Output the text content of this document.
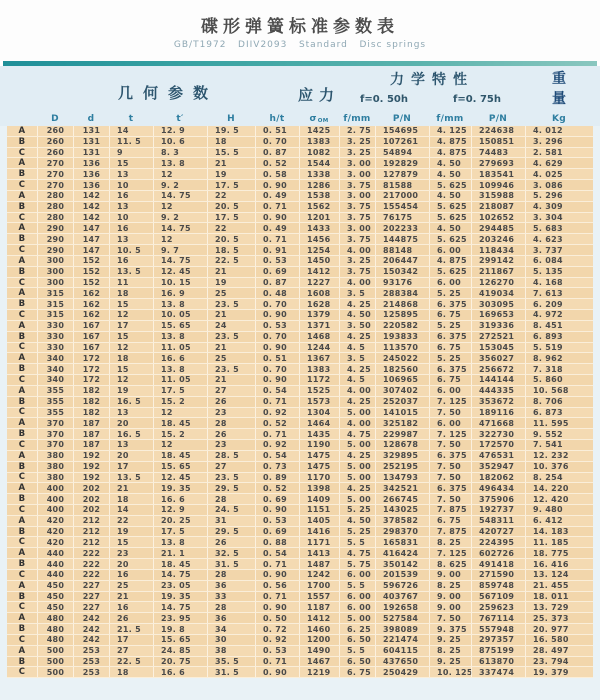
碟形弹簧标准参数表
GB/T1972   DIIV2093   Standard   Disc springs
几何参数	应力
力学特性
f=0. 50h	f=0. 75h
重
量
D	d	t	t′	H	h/t	σ OM	f/mm	P/N	f/mm	P/N	Kg
A	260	131	14	12. 9	19. 5	0. 51	1425	2. 75	154695	4. 125	224638	4. 012
B	260	131	11. 5	10. 6	18	0. 70	1383	3. 25	107261	4. 875	150851	3. 296
C	260	131	9	8. 3	15. 5	0. 87	1082	3. 25	54894	4. 875	74483	2. 581
A	270	136	15	13. 8	21	0. 52	1544	3. 00	192829	4. 50	279693	4. 629
B	270	136	13	12	19	0. 58	1338	3. 00	127879	4. 50	183541	4. 025
C	270	136	10	9. 2	17. 5	0. 90	1286	3. 75	81588	5. 625	109946	3. 086
A	280	142	16	14. 75	22	0. 49	1538	3. 00	217000	4. 50	315988	5. 296
B	280	142	13	12	20. 5	0. 71	1562	3. 75	155454	5. 625	218087	4. 309
C	280	142	10	9. 2	17. 5	0. 90	1201	3. 75	76175	5. 625	102652	3. 304
A	290	147	16	14. 75	22	0. 49	1433	3. 00	202233	4. 50	294485	5. 683
B	290	147	13	12	20. 5	0. 71	1456	3. 75	144875	5. 625	203246	4. 623
C	290	147	10. 5	9. 7	18. 5	0. 91	1254	4. 00	88148	6. 00	118434	3. 737
A	300	152	16	14. 75	22. 5	0. 53	1450	3. 25	206447	4. 875	299142	6. 084
B	300	152	13. 5	12. 45	21	0. 69	1412	3. 75	150342	5. 625	211867	5. 135
C	300	152	11	10. 15	19	0. 87	1227	4. 00	93176	6. 00	126270	4. 168
A	315	162	18	16. 9	25	0. 48	1608	3. 5	288384	5. 25	419034	7. 613
B	315	162	15	13. 8	23. 5	0. 70	1628	4. 25	214868	6. 375	303095	6. 209
C	315	162	12	10. 05	21	0. 90	1379	4. 50	125895	6. 75	169653	4. 972
A	330	167	17	15. 65	24	0. 53	1371	3. 50	220582	5. 25	319336	8. 451
B	330	167	15	13. 8	23. 5	0. 70	1468	4. 25	193833	6. 375	272521	6. 893
C	330	167	12	11. 05	21	0. 90	1244	4. 5	113570	6. 75	153045	5. 519
A	340	172	18	16. 6	25	0. 51	1367	3. 5	245022	5. 25	356027	8. 962
B	340	172	15	13. 8	23. 5	0. 70	1383	4. 25	182560	6. 375	256672	7. 318
C	340	172	12	11. 05	21	0. 90	1172	4. 5	106965	6. 75	144144	5. 860
A	355	182	19	17. 5	27	0. 54	1525	4. 00	307402	6. 00	444335	10. 568
B	355	182	16. 5	15. 2	26	0. 71	1573	4. 25	252037	7. 125	353672	8. 706
C	355	182	13	12	23	0. 92	1304	5. 00	141015	7. 50	189116	6. 873
A	370	187	20	18. 45	28	0. 52	1464	4. 00	325182	6. 00	471668	11. 595
B	370	187	16. 5	15. 2	26	0. 71	1435	4. 75	229987	7. 125	322730	9. 552
C	370	187	13	12	23	0. 92	1190	5. 00	128678	7. 50	172570	7. 541
A	380	192	20	18. 45	28. 5	0. 54	1475	4. 25	329895	6. 375	476531	12. 232
B	380	192	17	15. 65	27	0. 73	1475	5. 00	252195	7. 50	352947	10. 376
C	380	192	13. 5	12. 45	23. 5	0. 89	1170	5. 00	134793	7. 50	182062	8. 254
A	400	202	21	19. 35	29. 5	0. 52	1398	4. 25	342521	6. 375	496434	14. 220
B	400	202	18	16. 6	28	0. 69	1409	5. 00	266745	7. 50	375906	12. 420
C	400	202	14	12. 9	24. 5	0. 90	1151	5. 25	143025	7. 875	192737	9. 480
A	420	212	22	20. 25	31	0. 53	1405	4. 50	378582	6. 75	548311	6. 412
B	420	212	19	17. 5	29. 5	0. 69	1416	5. 25	298370	7. 875	420727	14. 183
C	420	212	15	13. 8	26	0. 88	1171	5. 5	165831	8. 25	224395	11. 185
A	440	222	23	21. 1	32. 5	0. 54	1413	4. 75	416424	7. 125	602726	18. 775
B	440	222	20	18. 45	31. 5	0. 71	1487	5. 75	350142	8. 625	491418	16. 416
C	440	222	16	14. 75	28	0. 90	1242	6. 00	201539	9. 00	271590	13. 124
A	450	227	25	23. 05	36	0. 56	1700	5. 5	596726	8. 25	859748	21. 455
B	450	227	21	19. 35	33	0. 71	1557	6. 00	403767	9. 00	567109	18. 011
C	450	227	16	14. 75	28	0. 90	1187	6. 00	192658	9. 00	259623	13. 729
A	480	242	26	23. 95	36	0. 50	1412	5. 00	527584	7. 50	767114	25. 373
B	480	242	21. 5	19. 8	34	0. 72	1460	6. 25	398089	9. 375	557948	20. 977
C	480	242	17	15. 65	30	0. 92	1200	6. 50	221474	9. 25	297357	16. 580
A	500	253	27	24. 85	38	0. 53	1490	5. 5	604115	8. 25	875199	28. 497
B	500	253	22. 5	20. 75	35. 5	0. 71	1467	6. 50	437650	9. 25	613870	23. 794
C	500	253	18	16. 6	31. 5	0. 90	1219	6. 75	250429	10. 125 337474	19. 379
